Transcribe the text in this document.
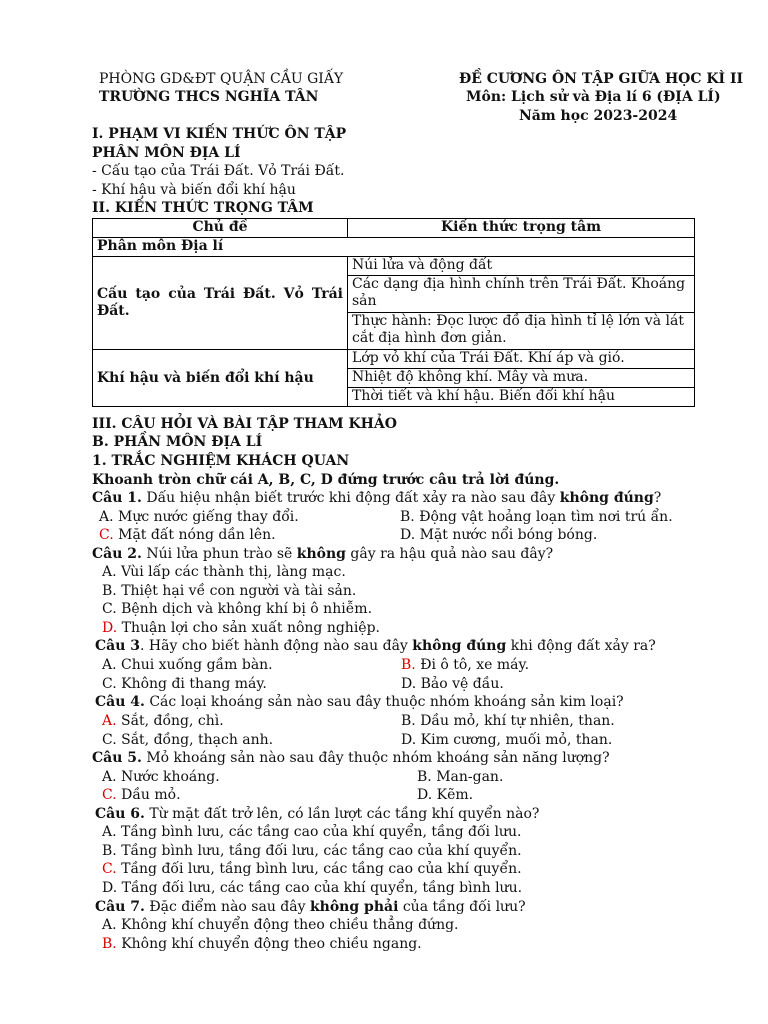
PHÒNG GD&ĐT QUẬN CẦU GIẤY
TRƯỜNG THCS NGHĨA TÂN
ĐỀ CƯƠNG ÔN TẬP GIỮA HỌC KÌ II
Môn: Lịch sử và Địa lí 6 (ĐỊA LÍ)
Năm học 2023-2024
I. PHẠM VI KIẾN THỨC ÔN TẬP
PHÂN MÔN ĐỊA LÍ
- Cấu tạo của Trái Đất. Vỏ Trái Đất.
- Khí hậu và biến đổi khí hậu
II. KIẾN THỨC TRỌNG TÂM
Chủ đề	Kiến thức trọng tâm
Phân môn Địa lí	
Cấu tạo của Trái Đất. Vỏ Trái Đất.	Núi lửa và động đất
	Các dạng địa hình chính trên Trái Đất. Khoáng sản
	Thực hành: Đọc lược đồ địa hình tỉ lệ lớn và lát cắt địa hình đơn giản.
Khí hậu và biến đổi khí hậu	Lớp vỏ khí của Trái Đất. Khí áp và gió.
	Nhiệt độ không khí. Mây và mưa.
	Thời tiết và khí hậu. Biến đổi khí hậu
III. CÂU HỎI VÀ BÀI TẬP THAM KHẢO
B. PHẦN MÔN ĐỊA LÍ
1. TRẮC NGHIỆM KHÁCH QUAN
Khoanh tròn chữ cái A, B, C, D đứng trước câu trả lời đúng.
Câu 1. Dấu hiệu nhận biết trước khi động đất xảy ra nào sau đây không đúng?
A. Mực nước giếng thay đổi.	B. Động vật hoảng loạn tìm nơi trú ẩn.
C. Mặt đất nóng dần lên.	D. Mặt nước nổi bóng bóng.
Câu 2. Núi lửa phun trào sẽ không gây ra hậu quả nào sau đây?
A. Vùi lấp các thành thị, làng mạc.
B. Thiệt hại về con người và tài sản.
C. Bệnh dịch và không khí bị ô nhiễm.
D. Thuận lợi cho sản xuất nông nghiệp.
Câu 3. Hãy cho biết hành động nào sau đây không đúng khi động đất xảy ra?
A. Chui xuống gầm bàn.	B. Đi ô tô, xe máy.
C. Không đi thang máy.	D. Bảo vệ đầu.
Câu 4. Các loại khoáng sản nào sau đây thuộc nhóm khoáng sản kim loại?
A. Sắt, đồng, chì.	B. Dầu mỏ, khí tự nhiên, than.
C. Sắt, đồng, thạch anh.	D. Kim cương, muối mỏ, than.
Câu 5. Mỏ khoáng sản nào sau đây thuộc nhóm khoáng sản năng lượng?
A. Nước khoáng.	B. Man-gan.
C. Dầu mỏ.	D. Kẽm.
Câu 6. Từ mặt đất trở lên, có lần lượt các tầng khí quyển nào?
A. Tầng bình lưu, các tầng cao của khí quyển, tầng đối lưu.
B. Tầng bình lưu, tầng đối lưu, các tầng cao của khí quyển.
C. Tầng đối lưu, tầng bình lưu, các tầng cao của khí quyển.
D. Tầng đối lưu, các tầng cao của khí quyển, tầng bình lưu.
Câu 7. Đặc điểm nào sau đây không phải của tầng đối lưu?
A. Không khí chuyển động theo chiều thẳng đứng.
B. Không khí chuyển động theo chiều ngang.
